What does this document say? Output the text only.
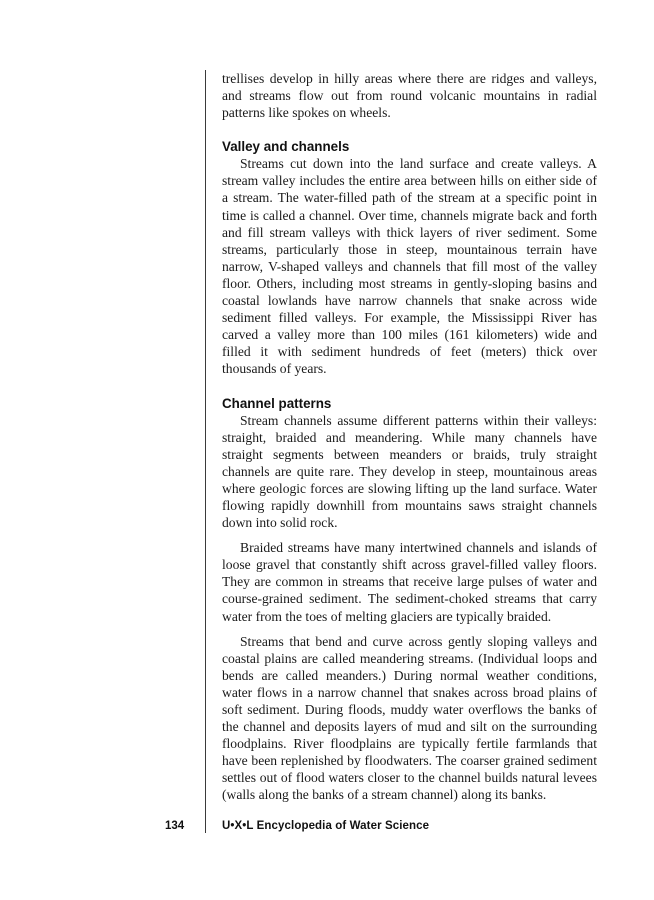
trellises develop in hilly areas where there are ridges and valleys, and streams flow out from round volcanic mountains in radial patterns like spokes on wheels.

Valley and channels

Streams cut down into the land surface and create valleys. A stream valley includes the entire area between hills on either side of a stream. The water-filled path of the stream at a specific point in time is called a channel. Over time, channels migrate back and forth and fill stream valleys with thick layers of river sediment. Some streams, particularly those in steep, mountainous terrain have narrow, V-shaped valleys and channels that fill most of the valley floor. Others, including most streams in gently-sloping basins and coastal lowlands have narrow channels that snake across wide sediment filled valleys. For example, the Mississippi River has carved a valley more than 100 miles (161 kilometers) wide and filled it with sediment hundreds of feet (meters) thick over thousands of years.

Channel patterns

Stream channels assume different patterns within their valleys: straight, braided and meandering. While many channels have straight segments between meanders or braids, truly straight channels are quite rare. They develop in steep, mountainous areas where geologic forces are slowing lifting up the land surface. Water flowing rapidly downhill from mountains saws straight channels down into solid rock.

Braided streams have many intertwined channels and islands of loose gravel that constantly shift across gravel-filled valley floors. They are common in streams that receive large pulses of water and course-grained sediment. The sediment-choked streams that carry water from the toes of melting glaciers are typically braided.

Streams that bend and curve across gently sloping valleys and coastal plains are called meandering streams. (Individual loops and bends are called meanders.) During normal weather conditions, water flows in a narrow channel that snakes across broad plains of soft sediment. During floods, muddy water overflows the banks of the channel and deposits layers of mud and silt on the surrounding floodplains. River floodplains are typically fertile farmlands that have been replenished by floodwaters. The coarser grained sediment settles out of flood waters closer to the channel builds natural levees (walls along the banks of a stream channel) along its banks.

134	U•X•L Encyclopedia of Water Science
